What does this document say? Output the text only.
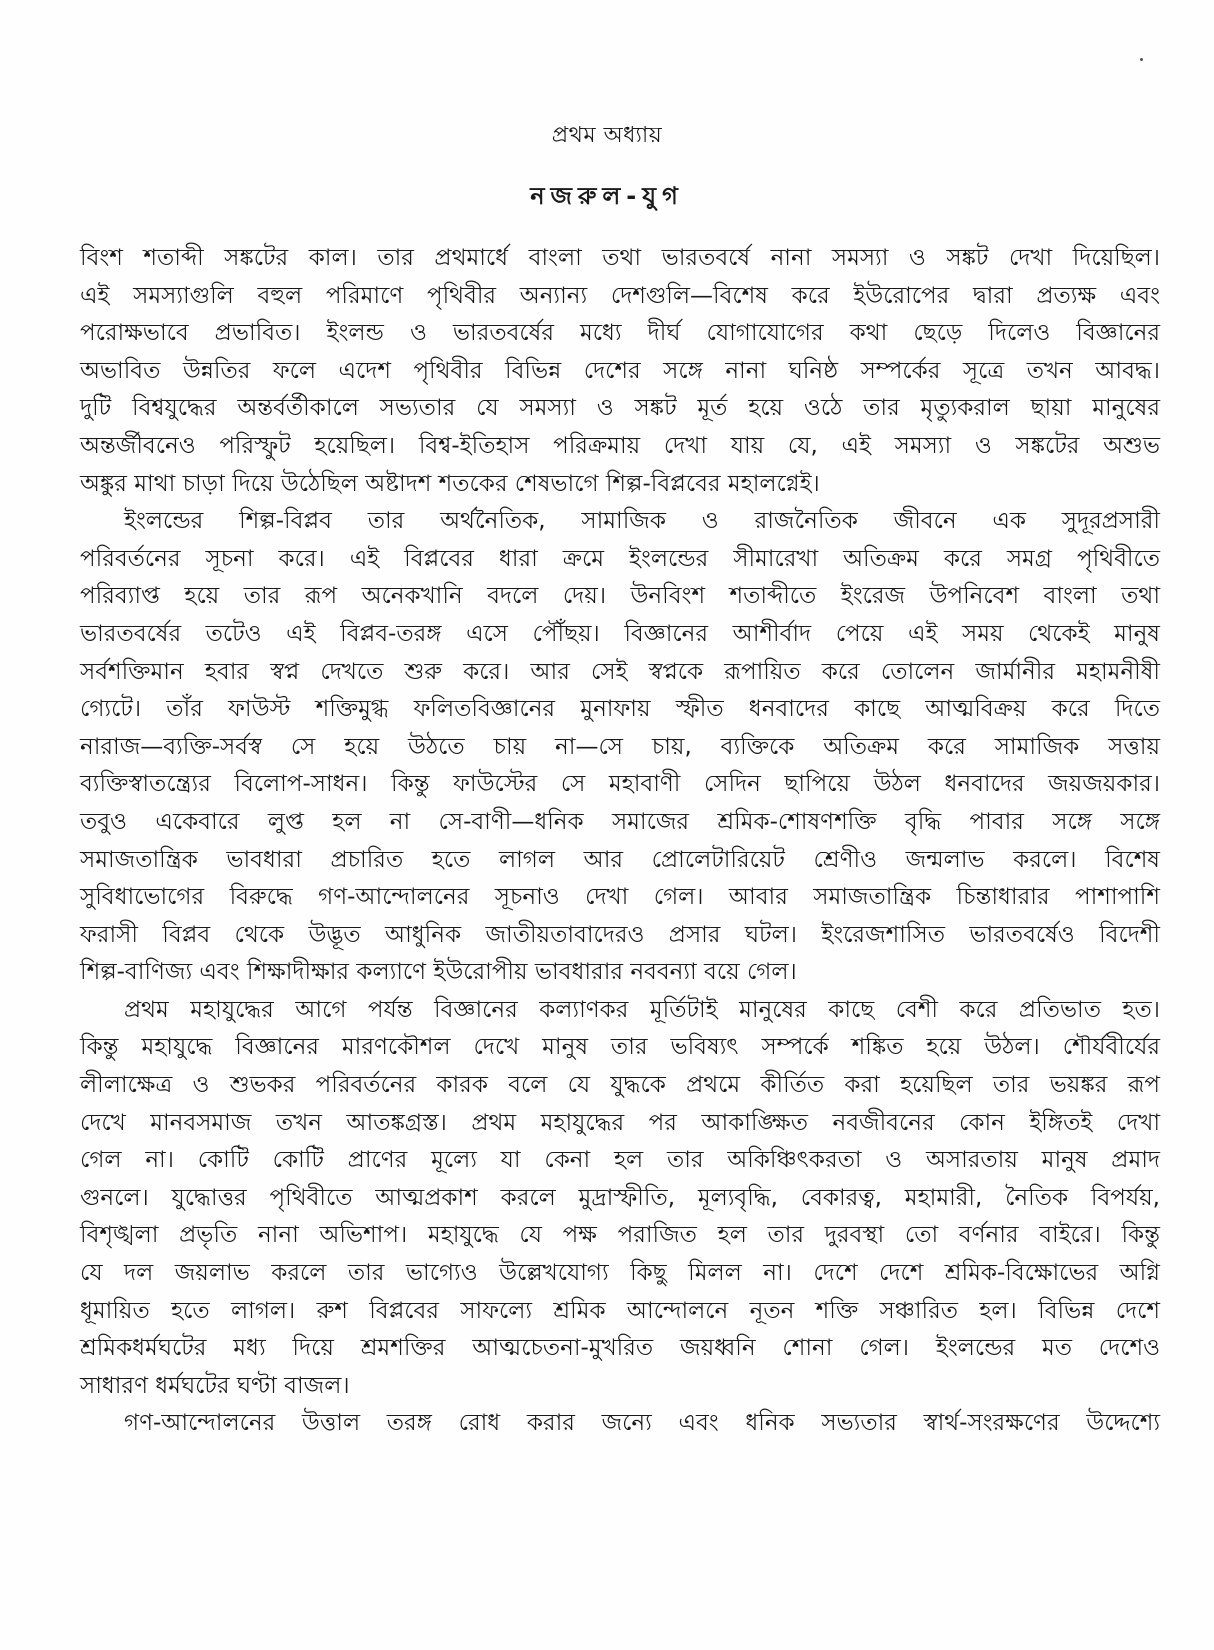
প্রথম অধ্যায়
নজরুল-যুগ
বিংশ শতাব্দী সঙ্কটের কাল। তার প্রথমার্ধে বাংলা তথা ভারতবর্ষে নানা সমস্যা ও সঙ্কট দেখা দিয়েছিল।
এই সমস্যাগুলি বহুল পরিমাণে পৃথিবীর অন্যান্য দেশগুলি—বিশেষ করে ইউরোপের দ্বারা প্রত্যক্ষ এবং
পরোক্ষভাবে প্রভাবিত। ইংলন্ড ও ভারতবর্ষের মধ্যে দীর্ঘ যোগাযোগের কথা ছেড়ে দিলেও বিজ্ঞানের
অভাবিত উন্নতির ফলে এদেশ পৃথিবীর বিভিন্ন দেশের সঙ্গে নানা ঘনিষ্ঠ সম্পর্কের সূত্রে তখন আবদ্ধ।
দুটি বিশ্বযুদ্ধের অন্তর্বর্তীকালে সভ্যতার যে সমস্যা ও সঙ্কট মূর্ত হয়ে ওঠে তার মৃত্যুকরাল ছায়া মানুষের
অন্তর্জীবনেও পরিস্ফুট হয়েছিল। বিশ্ব-ইতিহাস পরিক্রমায় দেখা যায় যে, এই সমস্যা ও সঙ্কটের অশুভ
অঙ্কুর মাথা চাড়া দিয়ে উঠেছিল অষ্টাদশ শতকের শেষভাগে শিল্প-বিপ্লবের মহালগ্নেই।
ইংলন্ডের শিল্প-বিপ্লব তার অর্থনৈতিক, সামাজিক ও রাজনৈতিক জীবনে এক সুদূরপ্রসারী
পরিবর্তনের সূচনা করে। এই বিপ্লবের ধারা ক্রমে ইংলন্ডের সীমারেখা অতিক্রম করে সমগ্র পৃথিবীতে
পরিব্যাপ্ত হয়ে তার রূপ অনেকখানি বদলে দেয়। উনবিংশ শতাব্দীতে ইংরেজ উপনিবেশ বাংলা তথা
ভারতবর্ষের তটেও এই বিপ্লব-তরঙ্গ এসে পৌঁছয়। বিজ্ঞানের আশীর্বাদ পেয়ে এই সময় থেকেই মানুষ
সর্বশক্তিমান হবার স্বপ্ন দেখতে শুরু করে। আর সেই স্বপ্নকে রূপায়িত করে তোলেন জার্মানীর মহামনীষী
গ্যেটে। তাঁর ফাউস্ট শক্তিমুগ্ধ ফলিতবিজ্ঞানের মুনাফায় স্ফীত ধনবাদের কাছে আত্মবিক্রয় করে দিতে
নারাজ—ব্যক্তি-সর্বস্ব সে হয়ে উঠতে চায় না—সে চায়, ব্যক্তিকে অতিক্রম করে সামাজিক সত্তায়
ব্যক্তিস্বাতন্ত্র্যের বিলোপ-সাধন। কিন্তু ফাউস্টের সে মহাবাণী সেদিন ছাপিয়ে উঠল ধনবাদের জয়জয়কার।
তবুও একেবারে লুপ্ত হল না সে-বাণী—ধনিক সমাজের শ্রমিক-শোষণশক্তি বৃদ্ধি পাবার সঙ্গে সঙ্গে
সমাজতান্ত্রিক ভাবধারা প্রচারিত হতে লাগল আর প্রোলেটারিয়েট শ্রেণীও জন্মলাভ করলে। বিশেষ
সুবিধাভোগের বিরুদ্ধে গণ-আন্দোলনের সূচনাও দেখা গেল। আবার সমাজতান্ত্রিক চিন্তাধারার পাশাপাশি
ফরাসী বিপ্লব থেকে উদ্ভূত আধুনিক জাতীয়তাবাদেরও প্রসার ঘটল। ইংরেজশাসিত ভারতবর্ষেও বিদেশী
শিল্প-বাণিজ্য এবং শিক্ষাদীক্ষার কল্যাণে ইউরোপীয় ভাবধারার নববন্যা বয়ে গেল।
প্রথম মহাযুদ্ধের আগে পর্যন্ত বিজ্ঞানের কল্যাণকর মূর্তিটাই মানুষের কাছে বেশী করে প্রতিভাত হত।
কিন্তু মহাযুদ্ধে বিজ্ঞানের মারণকৌশল দেখে মানুষ তার ভবিষ্যৎ সম্পর্কে শঙ্কিত হয়ে উঠল। শৌর্যবীর্যের
লীলাক্ষেত্র ও শুভকর পরিবর্তনের কারক বলে যে যুদ্ধকে প্রথমে কীর্তিত করা হয়েছিল তার ভয়ঙ্কর রূপ
দেখে মানবসমাজ তখন আতঙ্কগ্রস্ত। প্রথম মহাযুদ্ধের পর আকাঙ্ক্ষিত নবজীবনের কোন ইঙ্গিতই দেখা
গেল না। কোটি কোটি প্রাণের মূল্যে যা কেনা হল তার অকিঞ্চিৎকরতা ও অসারতায় মানুষ প্রমাদ
গুনলে। যুদ্ধোত্তর পৃথিবীতে আত্মপ্রকাশ করলে মুদ্রাস্ফীতি, মূল্যবৃদ্ধি, বেকারত্ব, মহামারী, নৈতিক বিপর্যয়,
বিশৃঙ্খলা প্রভৃতি নানা অভিশাপ। মহাযুদ্ধে যে পক্ষ পরাজিত হল তার দুরবস্থা তো বর্ণনার বাইরে। কিন্তু
যে দল জয়লাভ করলে তার ভাগ্যেও উল্লেখযোগ্য কিছু মিলল না। দেশে দেশে শ্রমিক-বিক্ষোভের অগ্নি
ধূমায়িত হতে লাগল। রুশ বিপ্লবের সাফল্যে শ্রমিক আন্দোলনে নূতন শক্তি সঞ্চারিত হল। বিভিন্ন দেশে
শ্রমিকধর্মঘটের মধ্য দিয়ে শ্রমশক্তির আত্মচেতনা-মুখরিত জয়ধ্বনি শোনা গেল। ইংলন্ডের মত দেশেও
সাধারণ ধর্মঘটের ঘণ্টা বাজল।
গণ-আন্দোলনের উত্তাল তরঙ্গ রোধ করার জন্যে এবং ধনিক সভ্যতার স্বার্থ-সংরক্ষণের উদ্দেশ্যে
